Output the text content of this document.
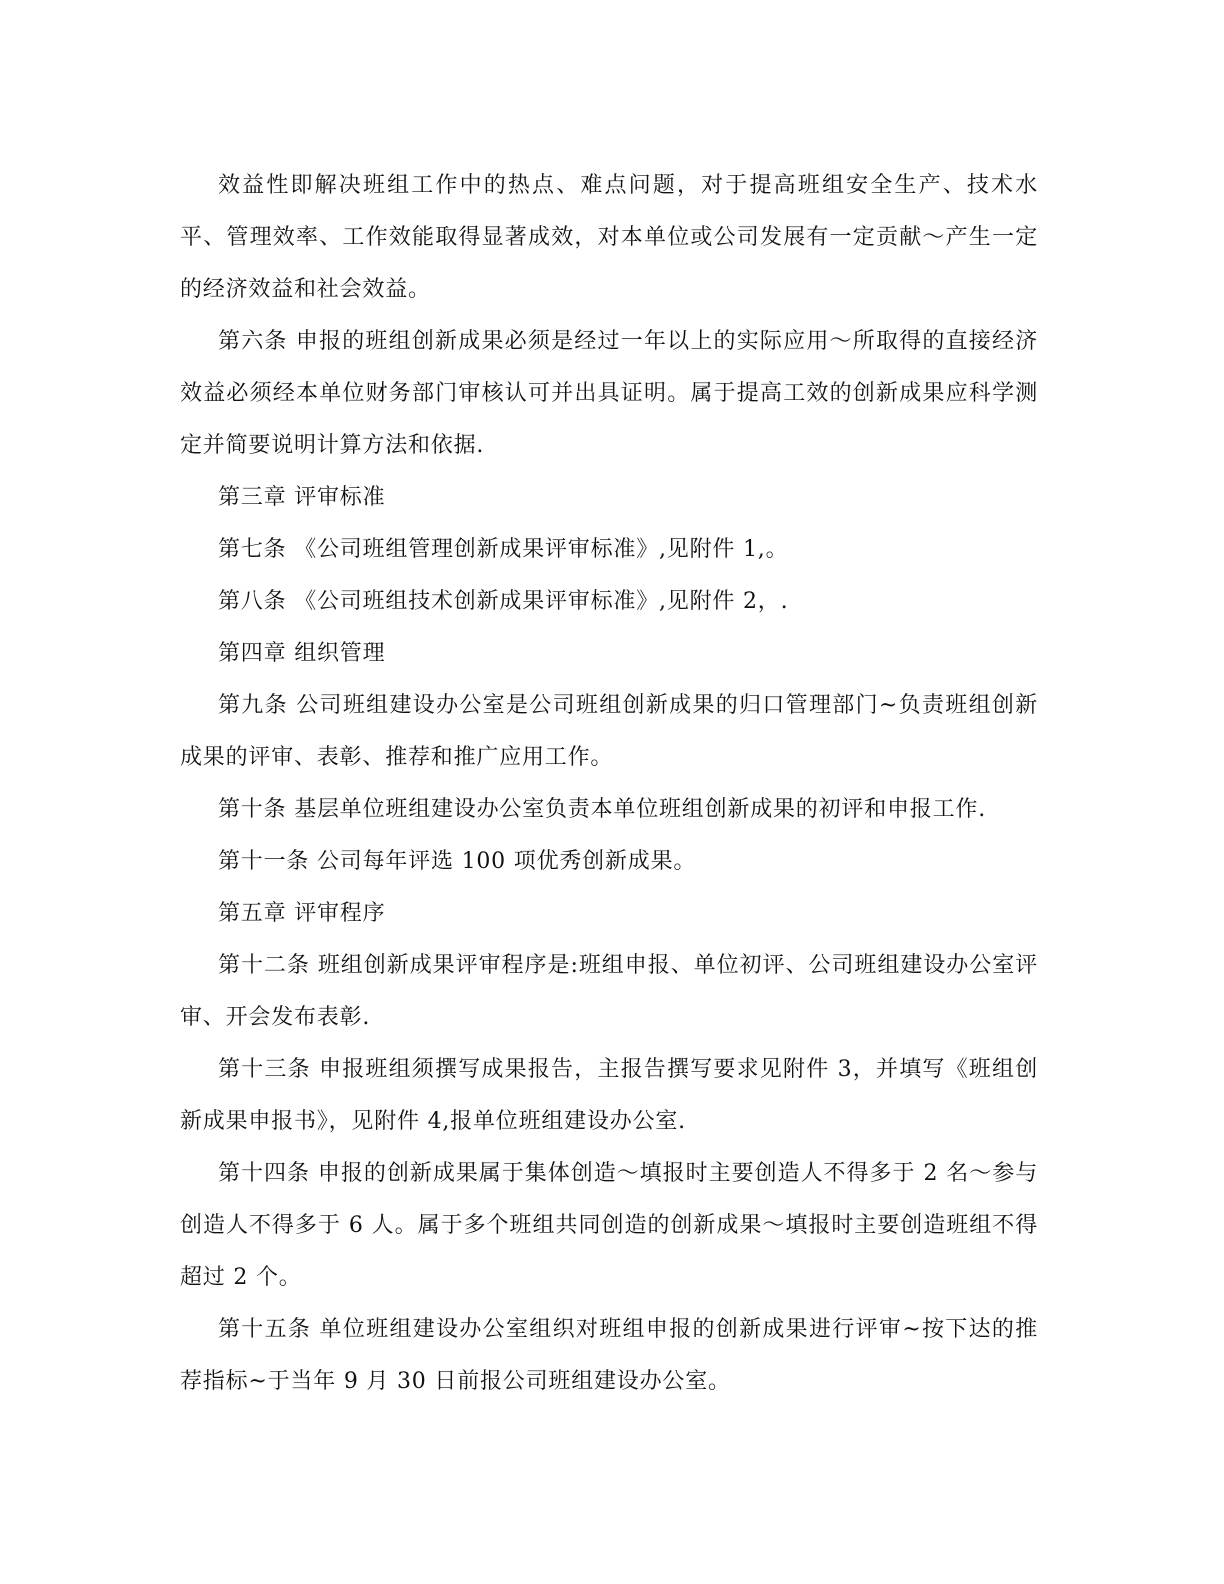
效益性即解决班组工作中的热点、难点问题，对于提高班组安全生产、技术水平、管理效率、工作效能取得显著成效，对本单位或公司发展有一定贡献～产生一定的经济效益和社会效益。

第六条 申报的班组创新成果必须是经过一年以上的实际应用～所取得的直接经济效益必须经本单位财务部门审核认可并出具证明。属于提高工效的创新成果应科学测定并简要说明计算方法和依据.

第三章 评审标准

第七条 《公司班组管理创新成果评审标准》,见附件 1,。

第八条 《公司班组技术创新成果评审标准》,见附件 2，.

第四章 组织管理

第九条 公司班组建设办公室是公司班组创新成果的归口管理部门~负责班组创新成果的评审、表彰、推荐和推广应用工作。

第十条 基层单位班组建设办公室负责本单位班组创新成果的初评和申报工作.

第十一条 公司每年评选 100 项优秀创新成果。

第五章 评审程序

第十二条 班组创新成果评审程序是:班组申报、单位初评、公司班组建设办公室评审、开会发布表彰.

第十三条 申报班组须撰写成果报告，主报告撰写要求见附件 3，并填写《班组创新成果申报书》，见附件 4,报单位班组建设办公室.

第十四条 申报的创新成果属于集体创造～填报时主要创造人不得多于 2 名～参与创造人不得多于 6 人。属于多个班组共同创造的创新成果～填报时主要创造班组不得超过 2 个。

第十五条 单位班组建设办公室组织对班组申报的创新成果进行评审~按下达的推荐指标~于当年 9 月 30 日前报公司班组建设办公室。
